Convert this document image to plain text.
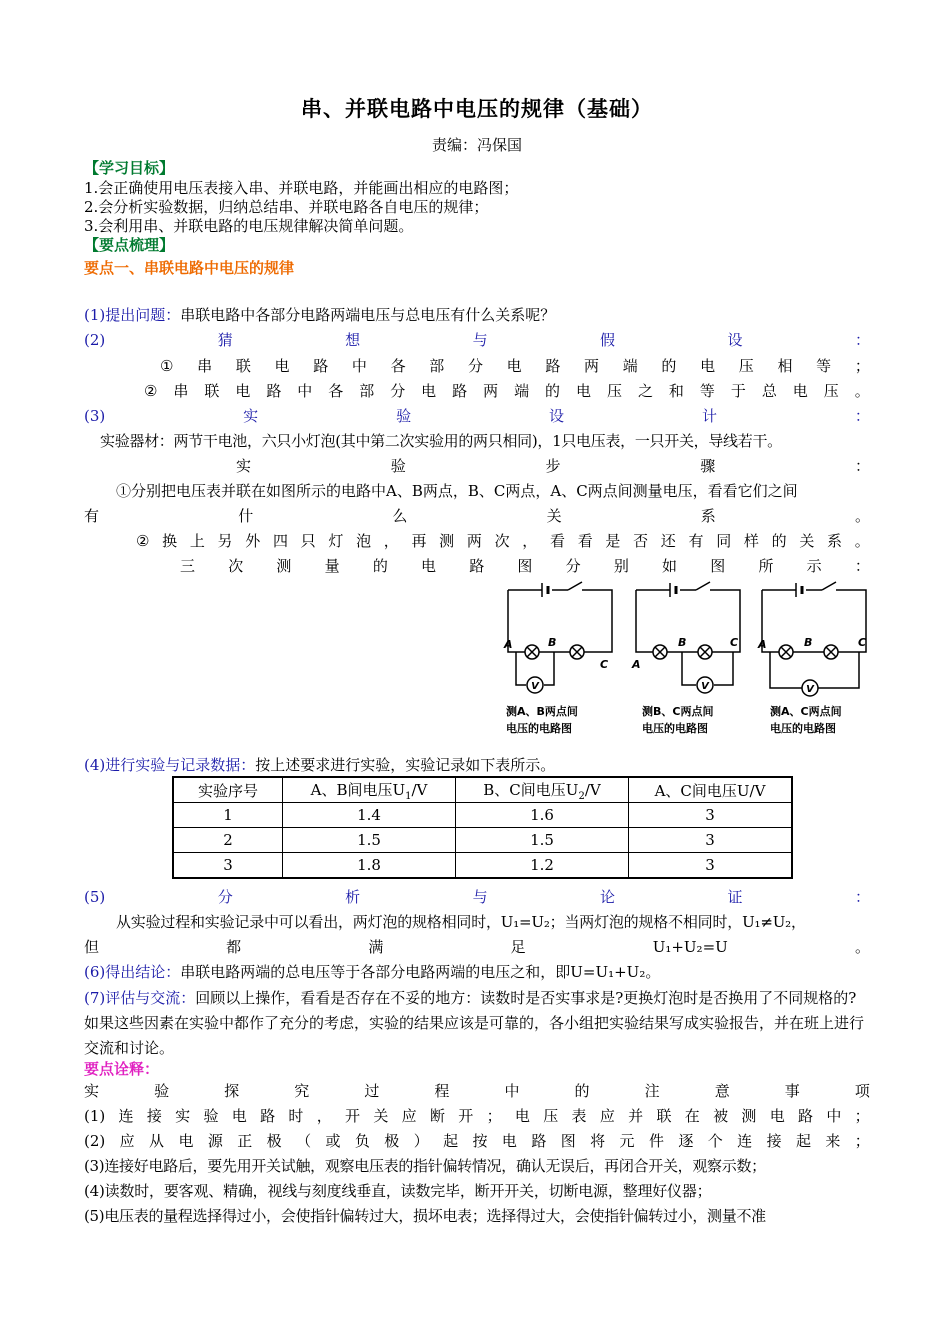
串、并联电路中电压的规律（基础）
责编：冯保国
【学习目标】
1.会正确使用电压表接入串、并联电路，并能画出相应的电路图；
2.会分析实验数据，归纳总结串、并联电路各自电压的规律；
3.会利用串、并联电路的电压规律解决简单问题。
【要点梳理】
要点一、串联电路中电压的规律
(1)提出问题：串联电路中各部分电路两端电压与总电压有什么关系呢？
(2)	猜	想	与	假	设	：
① 串 联 电 路 中 各 部 分 电 路 两 端 的 电 压 相 等 ；
② 串 联 电 路 中 各 部 分 电 路 两 端 的 电 压 之 和 等 于 总 电 压 。
(3)	实	验	设	计	：
实验器材：两节干电池，六只小灯泡(其中第二次实验用的两只相同)，1只电压表，一只开关，导线若干。
实	验	步	骤	：
①分别把电压表并联在如图所示的电路中A、B两点，B、C两点，A、C两点间测量电压，看看它们之间
有	什	么	关	系	。
② 换 上 另 外 四 只 灯 泡 ， 再 测 两 次 ， 看 看 是 否 还 有 同 样 的 关 系 。
三 次 测 量 的 电 路 图 分 别 如 图 所 示 ：
A	B
C A
B	C A	B	C
V	V	V
测A、B两点间
电压的电路图
测B、C两点间
电压的电路图
测A、C两点间
电压的电路图
(4)进行实验与记录数据：按上述要求进行实验，实验记录如下表所示。
实验序号	A、B间电压$U_1/V$	B、C间电压$U_2/V$	A、C间电压U/V
1	1.4	1.6	3
2	1.5	1.5	3
3	1.8	1.2	3
(5)	分	析	与	论	证	：
从实验过程和实验记录中可以看出，两灯泡的规格相同时，U₁=U₂；当两灯泡的规格不相同时，U₁≠U₂，
但	都	满	足	U₁+U₂=U	。
(6)得出结论：串联电路两端的总电压等于各部分电路两端的电压之和，即U=U₁+U₂。
(7)评估与交流：回顾以上操作，看看是否存在不妥的地方：读数时是否实事求是?更换灯泡时是否换用了不同规格的?如果这些因素在实验中都作了充分的考虑，实验的结果应该是可靠的，各小组把实验结果写成实验报告，并在班上进行交流和讨论。
要点诠释：
实	验	探	究	过	程	中	的	注	意	事	项
(1) 连 接 实 验 电 路 时 ， 开 关 应 断 开 ； 电 压 表 应 并 联 在 被 测 电 路 中 ；
(2) 应 从 电 源 正 极 （ 或 负 极 ） 起 按 电 路 图 将 元 件 逐 个 连 接 起 来 ；
(3)连接好电路后，要先用开关试触，观察电压表的指针偏转情况，确认无误后，再闭合开关，观察示数；
(4)读数时，要客观、精确，视线与刻度线垂直，读数完毕，断开开关，切断电源，整理好仪器；
(5)电压表的量程选择得过小，会使指针偏转过大，损坏电表；选择得过大，会使指针偏转过小，测量不准
